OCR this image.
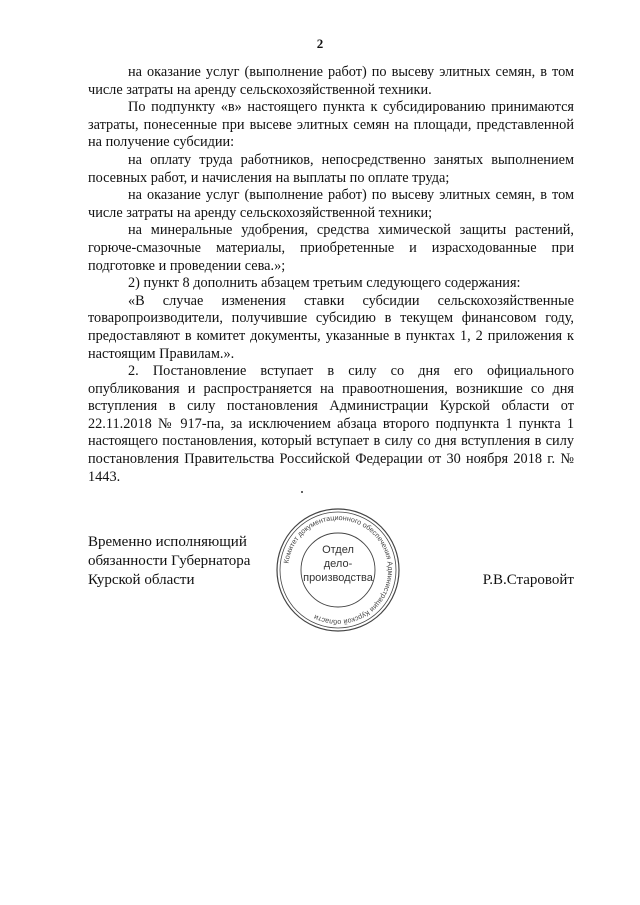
2

на оказание услуг (выполнение работ) по высеву элитных семян, в том числе затраты на аренду сельскохозяйственной техники.

По подпункту «в» настоящего пункта к субсидированию принимаются затраты, понесенные при высеве элитных семян на площади, представленной на получение субсидии:

на оплату труда работников, непосредственно занятых выполнением посевных работ, и начисления на выплаты по оплате труда;

на оказание услуг (выполнение работ) по высеву элитных семян, в том числе затраты на аренду сельскохозяйственной техники;

на минеральные удобрения, средства химической защиты растений, горюче-смазочные материалы, приобретенные и израсходованные при подготовке и проведении сева.»;

2) пункт 8 дополнить абзацем третьим следующего содержания:

«В случае изменения ставки субсидии сельскохозяйственные товаропроизводители, получившие субсидию в текущем финансовом году, предоставляют в комитет документы, указанные в пунктах 1, 2 приложения к настоящим Правилам.».

2. Постановление вступает в силу со дня его официального опубликования и распространяется на правоотношения, возникшие со дня вступления в силу постановления Администрации Курской области от 22.11.2018 № 917-па, за исключением абзаца второго подпункта 1 пункта 1 настоящего постановления, который вступает в силу со дня вступления в силу постановления Правительства Российской Федерации от 30 ноября 2018 г. № 1443.

Временно исполняющий
обязанности Губернатора
Курской области
Комитет документационного обеспечения Администрации Курской области
Отдел
дело-
производства	Р.В.Старовойт
